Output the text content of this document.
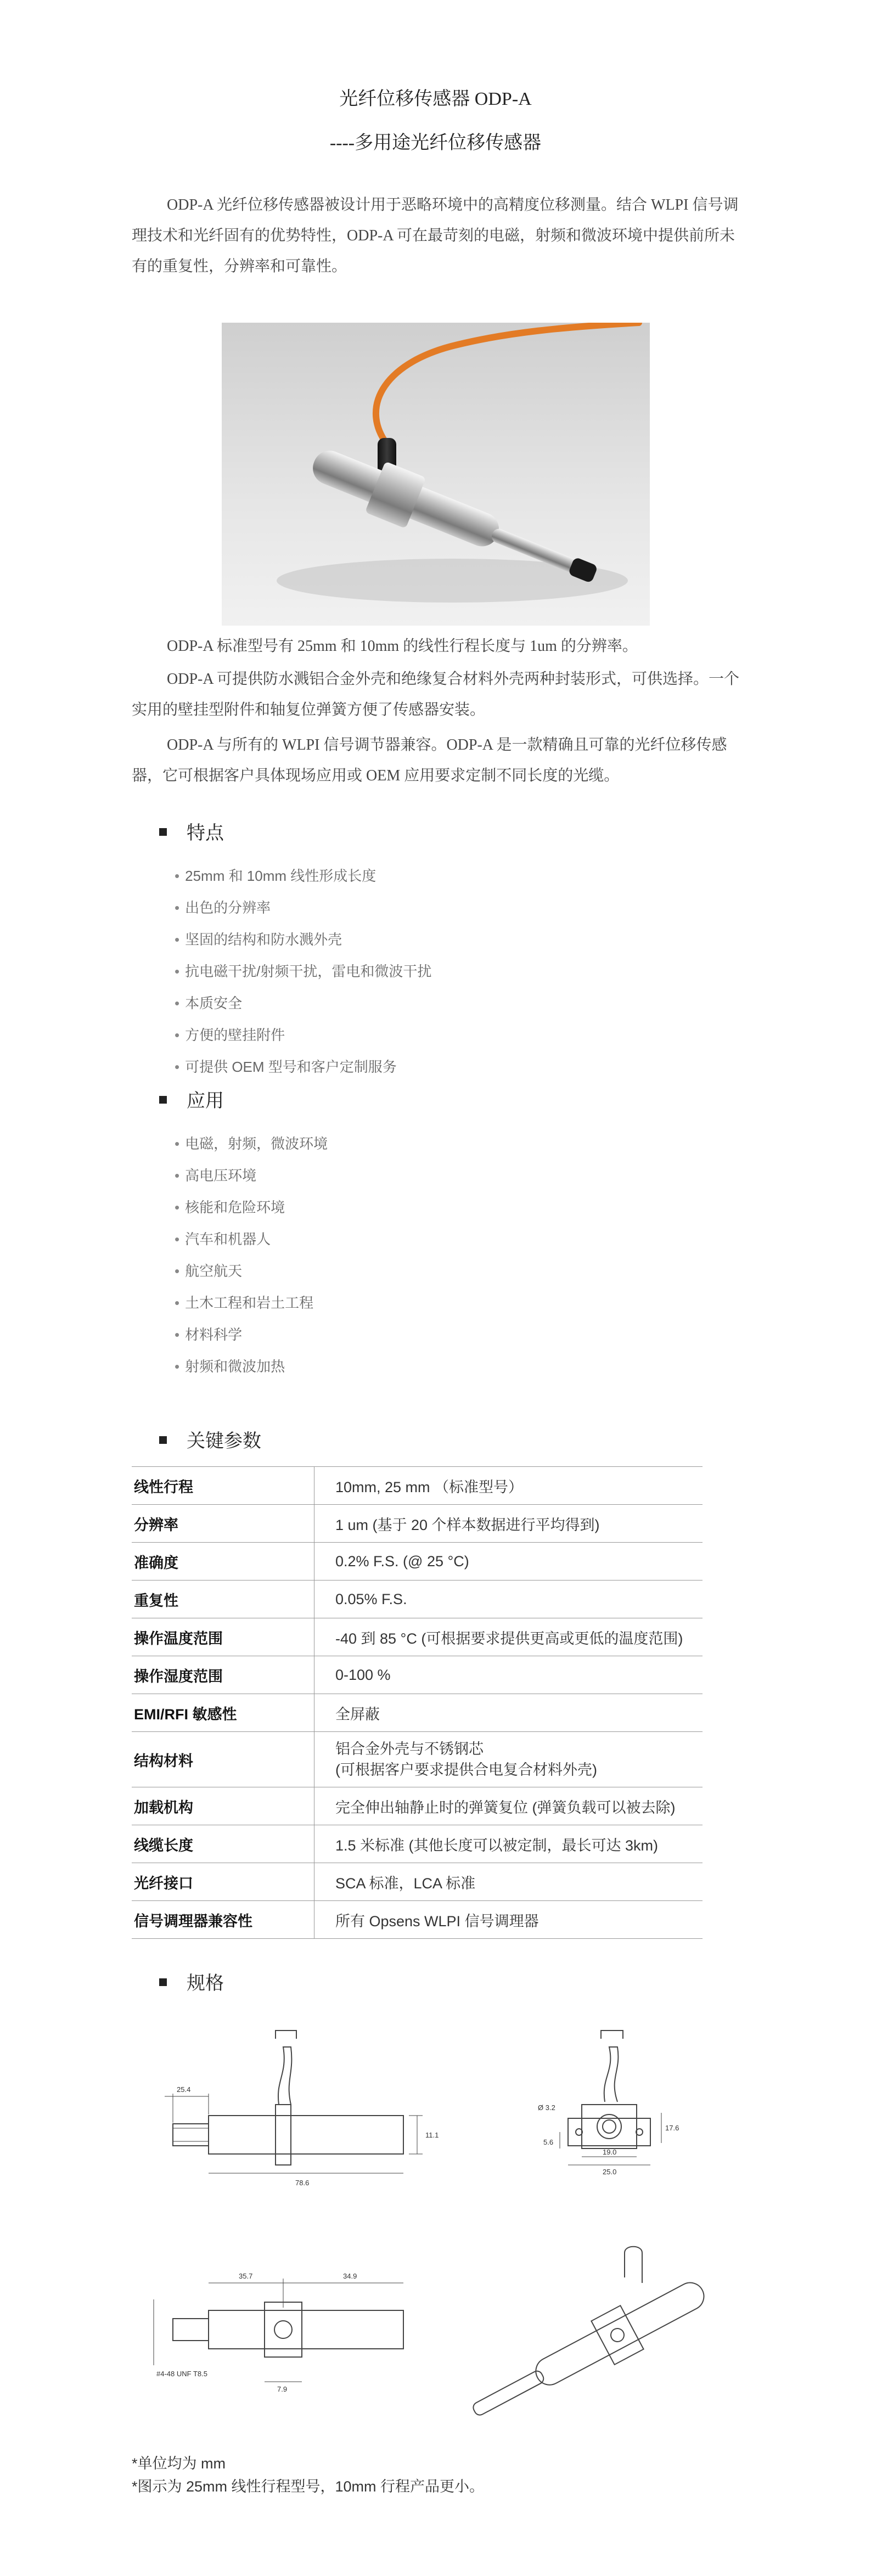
光纤位移传感器 ODP-A
----多用途光纤位移传感器

ODP-A 光纤位移传感器被设计用于恶略环境中的高精度位移测量。结合 WLPI 信号调理技术和光纤固有的优势特性，ODP-A 可在最苛刻的电磁，射频和微波环境中提供前所未有的重复性，分辨率和可靠性。

ODP-A 标准型号有 25mm 和 10mm 的线性行程长度与 1um 的分辨率。

ODP-A 可提供防水溅铝合金外壳和绝缘复合材料外壳两种封装形式，可供选择。一个实用的壁挂型附件和轴复位弹簧方便了传感器安装。

ODP-A 与所有的 WLPI 信号调节器兼容。ODP-A 是一款精确且可靠的光纤位移传感器，它可根据客户具体现场应用或 OEM 应用要求定制不同长度的光缆。

特点
• 25mm 和 10mm 线性形成长度
• 出色的分辨率
• 坚固的结构和防水溅外壳
• 抗电磁干扰/射频干扰，雷电和微波干扰
• 本质安全
• 方便的壁挂附件
• 可提供 OEM 型号和客户定制服务
应用
• 电磁，射频，微波环境
• 高电压环境
• 核能和危险环境
• 汽车和机器人
• 航空航天
• 土木工程和岩土工程
• 材料科学
• 射频和微波加热
关键参数
线性行程	10mm, 25 mm （标准型号）
分辨率	1 um (基于 20 个样本数据进行平均得到)
准确度	0.2% F.S. (@ 25 °C)
重复性	0.05% F.S.
操作温度范围	-40 到 85 °C (可根据要求提供更高或更低的温度范围)
操作湿度范围	0-100 %
EMI/RFI 敏感性	全屏蔽
结构材料	铝合金外壳与不锈钢芯
(可根据客户要求提供合电复合材料外壳)

加载机构	完全伸出轴静止时的弹簧复位 (弹簧负载可以被去除)
线缆长度	1.5 米标准 (其他长度可以被定制，最长可达 3km)
光纤接口	SCA 标准，LCA 标准
信号调理器兼容性	所有 Opsens WLPI 信号调理器
规格
25.4
11.1
78.6
Ø 3.2
17.6
5.6
19.0
25.0
35.7	34.9
#4-48 UNF T8.5
7.9
*单位均为 mm
*图示为 25mm 线性行程型号，10mm 行程产品更小。
